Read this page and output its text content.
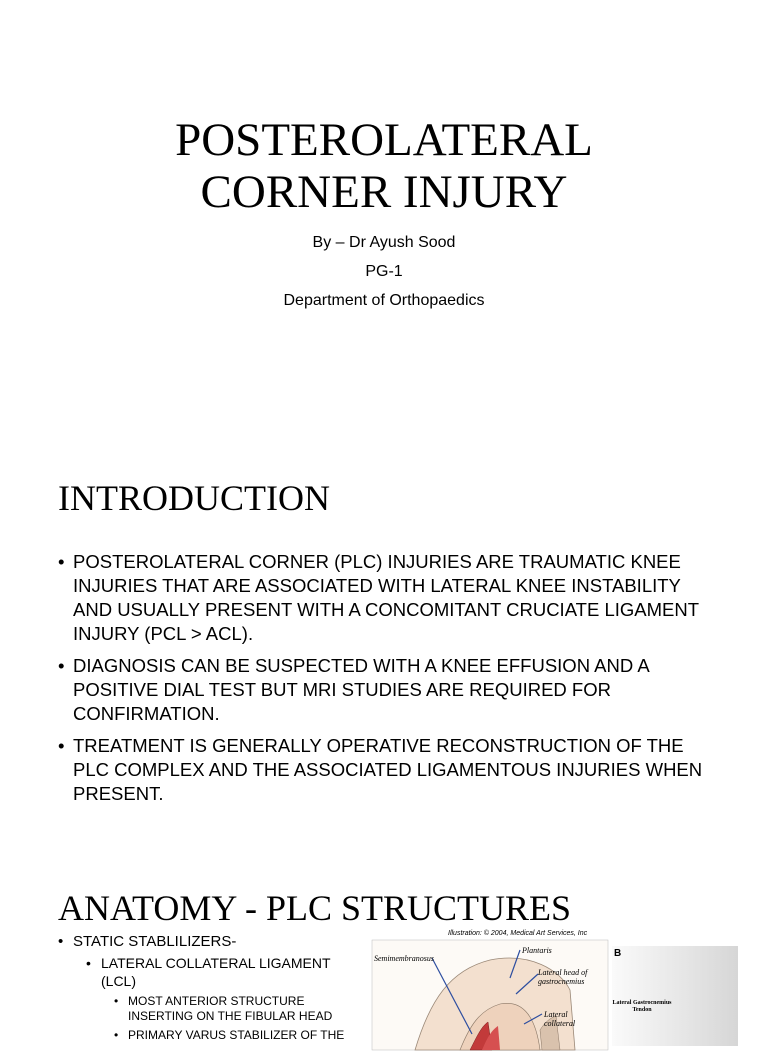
POSTEROLATERAL
CORNER INJURY
By – Dr Ayush Sood
PG-1
Department of Orthopaedics
INTRODUCTION
• POSTEROLATERAL CORNER (PLC) INJURIES ARE TRAUMATIC KNEE INJURIES THAT ARE ASSOCIATED WITH LATERAL KNEE INSTABILITY AND USUALLY PRESENT WITH A CONCOMITANT CRUCIATE LIGAMENT INJURY (PCL > ACL).
• DIAGNOSIS CAN BE SUSPECTED WITH A KNEE EFFUSION AND A POSITIVE DIAL TEST BUT MRI STUDIES ARE REQUIRED FOR CONFIRMATION.
• TREATMENT IS GENERALLY OPERATIVE RECONSTRUCTION OF THE PLC COMPLEX AND THE ASSOCIATED LIGAMENTOUS INJURIES WHEN PRESENT.
ANATOMY - PLC STRUCTURES
• STATIC STABLILIZERS-
• LATERAL COLLATERAL LIGAMENT (LCL)
• MOST ANTERIOR STRUCTURE INSERTING ON THE FIBULAR HEAD
• PRIMARY VARUS STABILIZER OF THE
Illustration: © 2004, Medical Art Services, Inc
Semimembranosus
Plantaris
Lateral head of gastrocnemius
Lateral collateral
B
Lateral Gastrocnemius Tendon
